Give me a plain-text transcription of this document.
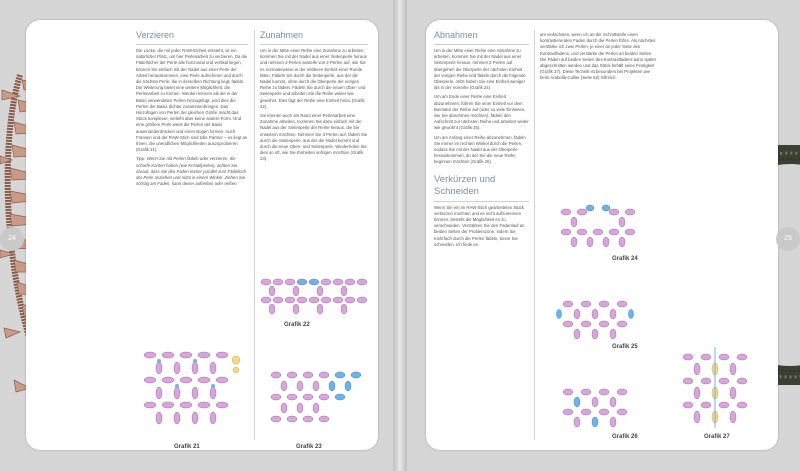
Verzieren

Die Lücke, die mit jeder RAW-Einheit entsteht, ist ein natürlicher Platz, um hier Perlenarbeit zu verzieren. Da die Fädellöcher der Perle alle horizontal und vertikal liegen, können Sie einfach mit der Nadel aus einer Perle der Arbeit herauskommen, eine Perle aufnehmen und durch die nächste Perle, die in derselben Richtung liegt, fädeln. Die Weiterung bietet eine weitere Möglichkeit, die Perlenarbeit zu formen. Werden können als die in der Basis verwendeten Perlen hinzugefügt, wird dies die Perlen der Basis dichter zusammenbringen. Das Hinzufügen von Perlen der gleichen Größe macht das Stück komplexer, verleiht aber keine andere Form. Und eine größere Perle weist die Perlen der Basis auseinanderdrücken und einen Bogen formen. Auch Fransen und der RAW-Stich sind tolle Partner – es liegt an Ihnen, die unendlichen Möglichkeiten auszuprobieren (Grafik 21).

Tipp: Wenn Sie mit Perlen fädeln oder verzieren, die scharfe Kanten haben (wie Kristallperlen), achten Sie darauf, dass Sie den Faden immer parallel zum Fädelloch der Perle anziehen und nicht in einem Winkel. Ziehen Sie schräg am Faden, kann dieser aufreißen oder reißen.

Zunahmen

Um in der Mitte einer Reihe eine Zunahme zu arbeiten, kommen Sie mit der Nadel aus einer Seitenperle heraus und nehmen 3 Perlen anstelle von 2 Perlen auf, wie Sie es normalerweise in der mittleren Einheit einer Runde täten. Fädeln Sie durch die Seitenperle, aus der die Nadel kommt, ohne durch die Oberperle der vorigen Reihe zu fädeln. Fädeln Sie durch die neuen Ober- und Seitenperle und arbeiten Sie die Reihe weiter wie gewohnt. Dies fügt der Reihe eine Einheit hinzu (Grafik 22).

Sie können auch am Rand einer Perlenarbeit eine Zunahme arbeiten. Kommen Sie dazu einfach mit der Nadel aus der Seitenperle der Reihe heraus, die Sie erweitern möchten. Nehmen Sie 3 Perlen auf, fädeln Sie durch die Seitenperle, aus der die Nadel kommt und durch die neue Oben- und Seitenperle. Wiederholen Sie dies so oft, wie Sie Einheiten anfügen möchten (Grafik 23).

Grafik 22
Grafik 21	Grafik 23
Abnahmen

Um in der Mitte einer Reihe eine Abnahme zu arbeiten, kommen Sie mit der Nadel aus einer Seitenperle heraus, nehmen 2 Perlen auf, übergehen die Oberperle der nächsten Einheit der vorigen Reihe und fädeln durch die folgende Oberperle. Jetzt haben Sie eine Einheit weniger als in der Vorreihe (Grafik 24).

Um am Ende einer Reihe eine Einheit abzunehmen, führen Sie einer Einheit vor dem Beenden der Reihe auf (oder so viele Einheiten, wie Sie abnehmen möchten), fädeln den Aufschnitt zur nächsten Reihe und arbeiten weiter wie gewohnt (Grafik 25).

Um am Anfang einer Reihe abzunehmen, fädeln Sie immer im rechten Winkel durch die Perlen, sodass Sie mit der Nadel aus der Oberperle herauskommen, an der Sie die neue Reihe beginnen möchten (Grafik 26).

Verkürzen und Schneiden

Wenn Sie ein im RAW-Stich gearbeitetes Stück verkürzen möchten und es nicht aufzutrennen können, besteht die Möglichkeit es zu verschneiden. Verstärken Sie den Fadenlauf an beiden Seiten der Problemzone, indem Sie mehrfach durch die Perlen fädeln, bevor Sie schneiden. Ich finde es

am einfachsten, wenn ich an der Schnittstelle einen kontrastierenden Faden durch die Perlen führe. Als nächstes verstärke ich zwei Perlen, je einer an jeder Seite des Kontrastfadens, und verstärke die Perlen an beiden Seiten. Die Fäden auf beiden Seiten des Kontrastfadens kann später abgeschnitten werden und das Stück behält seine Festigkeit (Grafik 27). Diese Technik ist besonders bei Projekten wie beim Arabella-Collier (Seite 52) hilfreich.

Grafik 24
Grafik 25
Grafik 26	Grafik 27
24	25
